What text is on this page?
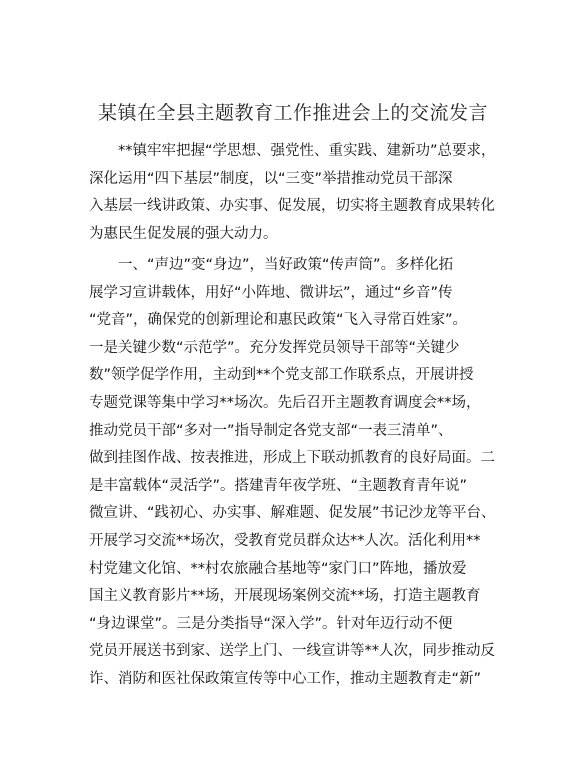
某镇在全县主题教育工作推进会上的交流发言
**镇牢牢把握“学思想、强党性、重实践、建新功”总要求，
深化运用“四下基层”制度，以“三变”举措推动党员干部深
入基层一线讲政策、办实事、促发展，切实将主题教育成果转化
为惠民生促发展的强大动力。
一、“声边”变“身边”，当好政策“传声筒”。多样化拓
展学习宣讲载体，用好“小阵地、微讲坛”，通过“乡音”传
“党音”，确保党的创新理论和惠民政策“飞入寻常百姓家”。
一是关键少数“示范学”。充分发挥党员领导干部等“关键少
数”领学促学作用，主动到**个党支部工作联系点，开展讲授
专题党课等集中学习**场次。先后召开主题教育调度会**场，
推动党员干部“多对一”指导制定各党支部“一表三清单”、
做到挂图作战、按表推进，形成上下联动抓教育的良好局面。二
是丰富载体“灵活学”。搭建青年夜学班、“主题教育青年说”
微宣讲、“践初心、办实事、解难题、促发展”书记沙龙等平台、
开展学习交流**场次，受教育党员群众达**人次。活化利用**
村党建文化馆、**村农旅融合基地等“家门口”阵地，播放爱
国主义教育影片**场，开展现场案例交流**场，打造主题教育
“身边课堂”。三是分类指导“深入学”。针对年迈行动不便
党员开展送书到家、送学上门、一线宣讲等**人次，同步推动反
诈、消防和医社保政策宣传等中心工作，推动主题教育走“新”
